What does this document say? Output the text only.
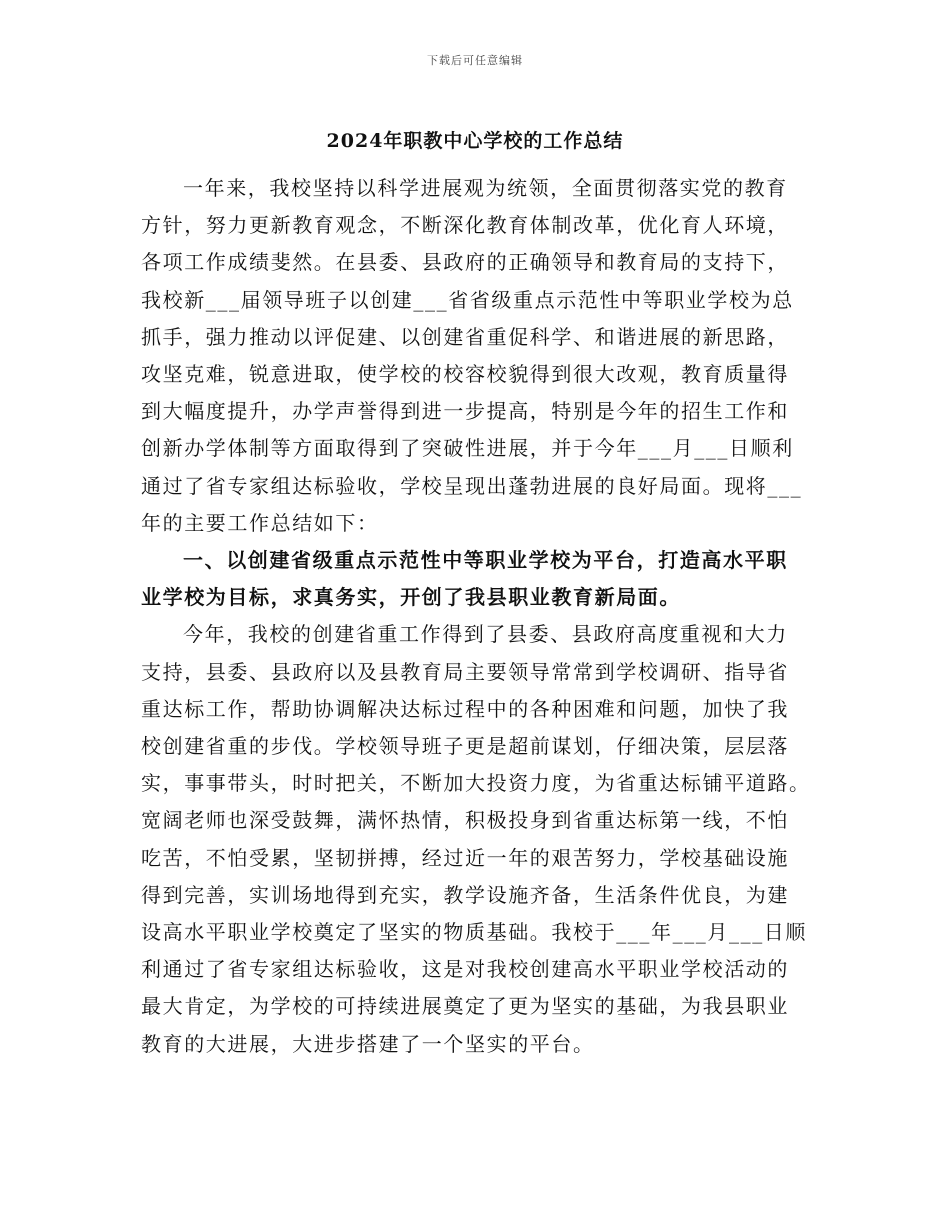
下载后可任意编辑
2024年职教中心学校的工作总结

一年来，我校坚持以科学进展观为统领，全面贯彻落实党的教育
方针，努力更新教育观念，不断深化教育体制改革，优化育人环境，
各项工作成绩斐然。在县委、县政府的正确领导和教育局的支持下，
我校新___届领导班子以创建___省省级重点示范性中等职业学校为总
抓手，强力推动以评促建、以创建省重促科学、和谐进展的新思路，
攻坚克难，锐意进取，使学校的校容校貌得到很大改观，教育质量得
到大幅度提升，办学声誉得到进一步提高，特别是今年的招生工作和
创新办学体制等方面取得到了突破性进展，并于今年___月___日顺利
通过了省专家组达标验收，学校呈现出蓬勃进展的良好局面。现将___
年的主要工作总结如下：

一、以创建省级重点示范性中等职业学校为平台，打造高水平职
业学校为目标，求真务实，开创了我县职业教育新局面。

今年，我校的创建省重工作得到了县委、县政府高度重视和大力
支持，县委、县政府以及县教育局主要领导常常到学校调研、指导省
重达标工作，帮助协调解决达标过程中的各种困难和问题，加快了我
校创建省重的步伐。学校领导班子更是超前谋划，仔细决策，层层落
实，事事带头，时时把关，不断加大投资力度，为省重达标铺平道路。
宽阔老师也深受鼓舞，满怀热情，积极投身到省重达标第一线，不怕
吃苦，不怕受累，坚韧拼搏，经过近一年的艰苦努力，学校基础设施
得到完善，实训场地得到充实，教学设施齐备，生活条件优良，为建
设高水平职业学校奠定了坚实的物质基础。我校于___年___月___日顺
利通过了省专家组达标验收，这是对我校创建高水平职业学校活动的
最大肯定，为学校的可持续进展奠定了更为坚实的基础，为我县职业
教育的大进展，大进步搭建了一个坚实的平台。
